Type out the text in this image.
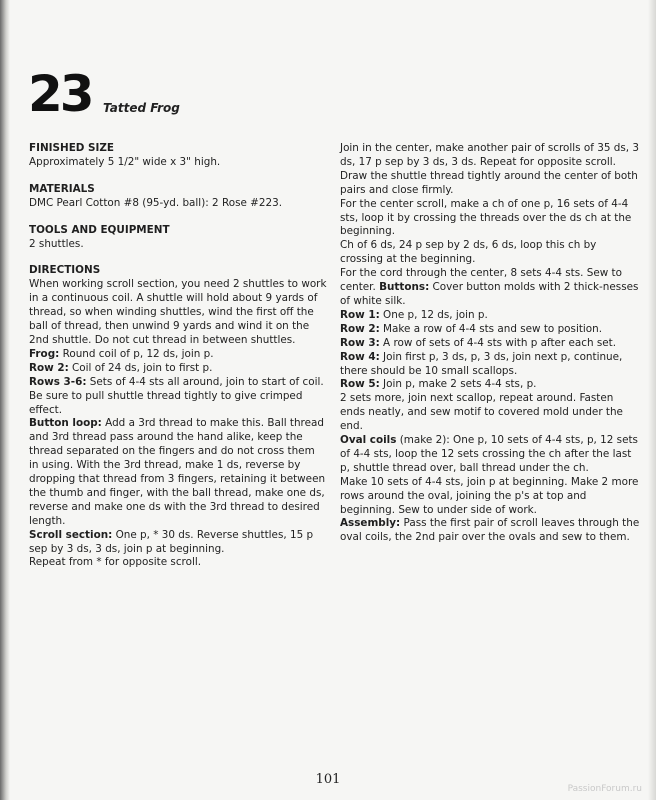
23 Tatted Frog
FINISHED SIZE

Approximately 5 1/2" wide x 3" high.

MATERIALS

DMC Pearl Cotton #8 (95-yd. ball): 2 Rose #223.

TOOLS AND EQUIPMENT

2 shuttles.

DIRECTIONS

When working scroll section, you need 2 shuttles to work in a continuous coil. A shuttle will hold about 9 yards of thread, so when winding shuttles, wind the first off the ball of thread, then unwind 9 yards and wind it on the 2nd shuttle. Do not cut thread in between shuttles.

Frog: Round coil of p, 12 ds, join p.

Row 2: Coil of 24 ds, join to first p.

Rows 3-6: Sets of 4-4 sts all around, join to start of coil. Be sure to pull shuttle thread tightly to give crimped effect.

Button loop: Add a 3rd thread to make this. Ball thread and 3rd thread pass around the hand alike, keep the thread separated on the fingers and do not cross them in using. With the 3rd thread, make 1 ds, reverse by dropping that thread from 3 fingers, retaining it between the thumb and finger, with the ball thread, make one ds, reverse and make one ds with the 3rd thread to desired length.

Scroll section: One p, * 30 ds. Reverse shuttles, 15 p sep by 3 ds, 3 ds, join p at beginning.

Repeat from * for opposite scroll.

Join in the center, make another pair of scrolls of 35 ds, 3 ds, 17 p sep by 3 ds, 3 ds. Repeat for opposite scroll. Draw the shuttle thread tightly around the center of both pairs and close firmly.

For the center scroll, make a ch of one p, 16 sets of 4-4 sts, loop it by crossing the threads over the ds ch at the beginning.

Ch of 6 ds, 24 p sep by 2 ds, 6 ds, loop this ch by crossing at the beginning.

For the cord through the center, 8 sets 4-4 sts. Sew to center. Buttons: Cover button molds with 2 thick-nesses of white silk.

Row 1: One p, 12 ds, join p.

Row 2: Make a row of 4-4 sts and sew to position.

Row 3: A row of sets of 4-4 sts with p after each set.

Row 4: Join first p, 3 ds, p, 3 ds, join next p, continue, there should be 10 small scallops.

Row 5: Join p, make 2 sets 4-4 sts, p.

2 sets more, join next scallop, repeat around. Fasten ends neatly, and sew motif to covered mold under the end.

Oval coils (make 2): One p, 10 sets of 4-4 sts, p, 12 sets of 4-4 sts, loop the 12 sets crossing the ch after the last p, shuttle thread over, ball thread under the ch.

Make 10 sets of 4-4 sts, join p at beginning. Make 2 more rows around the oval, joining the p's at top and beginning. Sew to under side of work.

Assembly: Pass the first pair of scroll leaves through the oval coils, the 2nd pair over the ovals and sew to them.

101
PassionForum.ru
